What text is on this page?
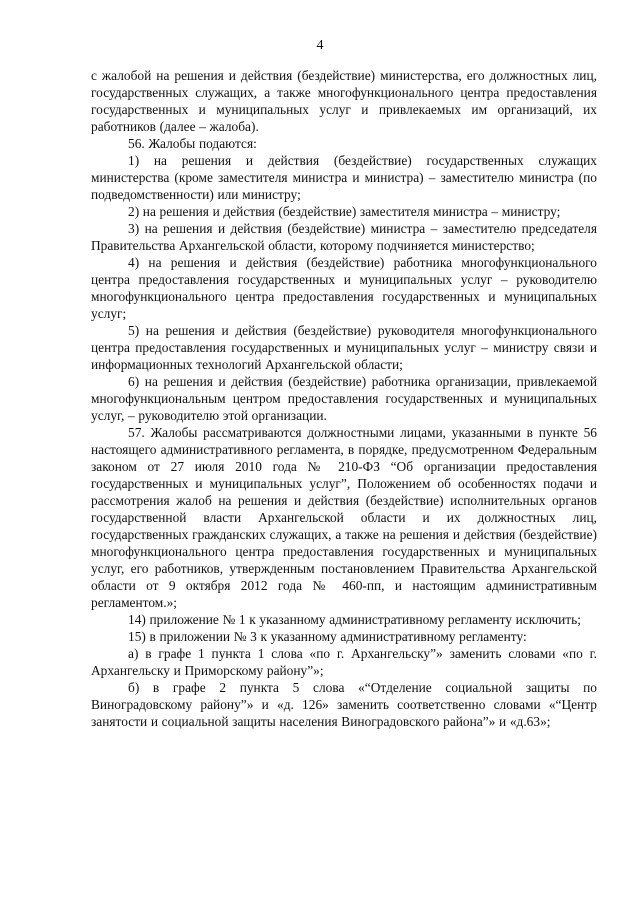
4

с жалобой на решения и действия (бездействие) министерства, его должностных лиц, государственных служащих, а также многофункционального центра предоставления государственных и муниципальных услуг и привлекаемых им организаций, их работников (далее – жалоба).

56. Жалобы подаются:

1) на решения и действия (бездействие) государственных служащих министерства (кроме заместителя министра и министра) – заместителю министра (по подведомственности) или министру;

2) на решения и действия (бездействие) заместителя министра – министру;

3) на решения и действия (бездействие) министра – заместителю председателя Правительства Архангельской области, которому подчиняется министерство;

4) на решения и действия (бездействие) работника многофункционального центра предоставления государственных и муниципальных услуг – руководителю многофункционального центра предоставления государственных и муниципальных услуг;

5) на решения и действия (бездействие) руководителя многофункционального центра предоставления государственных и муниципальных услуг – министру связи и информационных технологий Архангельской области;

6) на решения и действия (бездействие) работника организации, привлекаемой многофункциональным центром предоставления государственных и муниципальных услуг, – руководителю этой организации.

57. Жалобы рассматриваются должностными лицами, указанными в пункте 56 настоящего административного регламента, в порядке, предусмотренном Федеральным законом от 27 июля 2010 года № 210-ФЗ “Об организации предоставления государственных и муниципальных услуг”, Положением об особенностях подачи и рассмотрения жалоб на решения и действия (бездействие) исполнительных органов государственной власти Архангельской области и их должностных лиц, государственных гражданских служащих, а также на решения и действия (бездействие) многофункционального центра предоставления государственных и муниципальных услуг, его работников, утвержденным постановлением Правительства Архангельской области от 9 октября 2012 года № 460-пп, и настоящим административным регламентом.»;

14) приложение № 1 к указанному административному регламенту исключить;

15) в приложении № 3 к указанному административному регламенту:

а) в графе 1 пункта 1 слова «по г. Архангельску”» заменить словами «по г. Архангельску и Приморскому району”»;

б) в графе 2 пункта 5 слова «“Отделение социальной защиты по Виноградовскому району”» и «д. 126» заменить соответственно словами «“Центр занятости и социальной защиты населения Виноградовского района”» и «д.63»;
